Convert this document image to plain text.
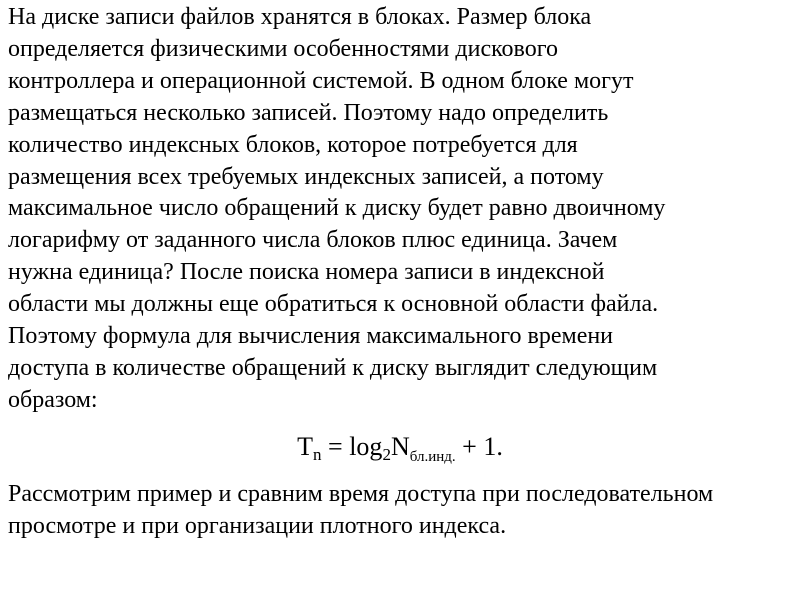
На диске записи файлов хранятся в блоках. Размер блока
определяется физическими особенностями дискового
контроллера и операционной системой. В одном блоке могут
размещаться несколько записей. Поэтому надо определить
количество индексных блоков, которое потребуется для
размещения всех требуемых индексных записей, а потому
максимальное число обращений к диску будет равно двоичному
логарифму от заданного числа блоков плюс единица. Зачем
нужна единица? После поиска номера записи в индексной
области мы должны еще обратиться к основной области файла.
Поэтому формула для вычисления максимального времени
доступа в количестве обращений к диску выглядит следующим
образом:

$Tn = \log 2N_{бл.инд.} + 1$.

Рассмотрим пример и сравним время доступа при последовательном
просмотре и при организации плотного индекса.
